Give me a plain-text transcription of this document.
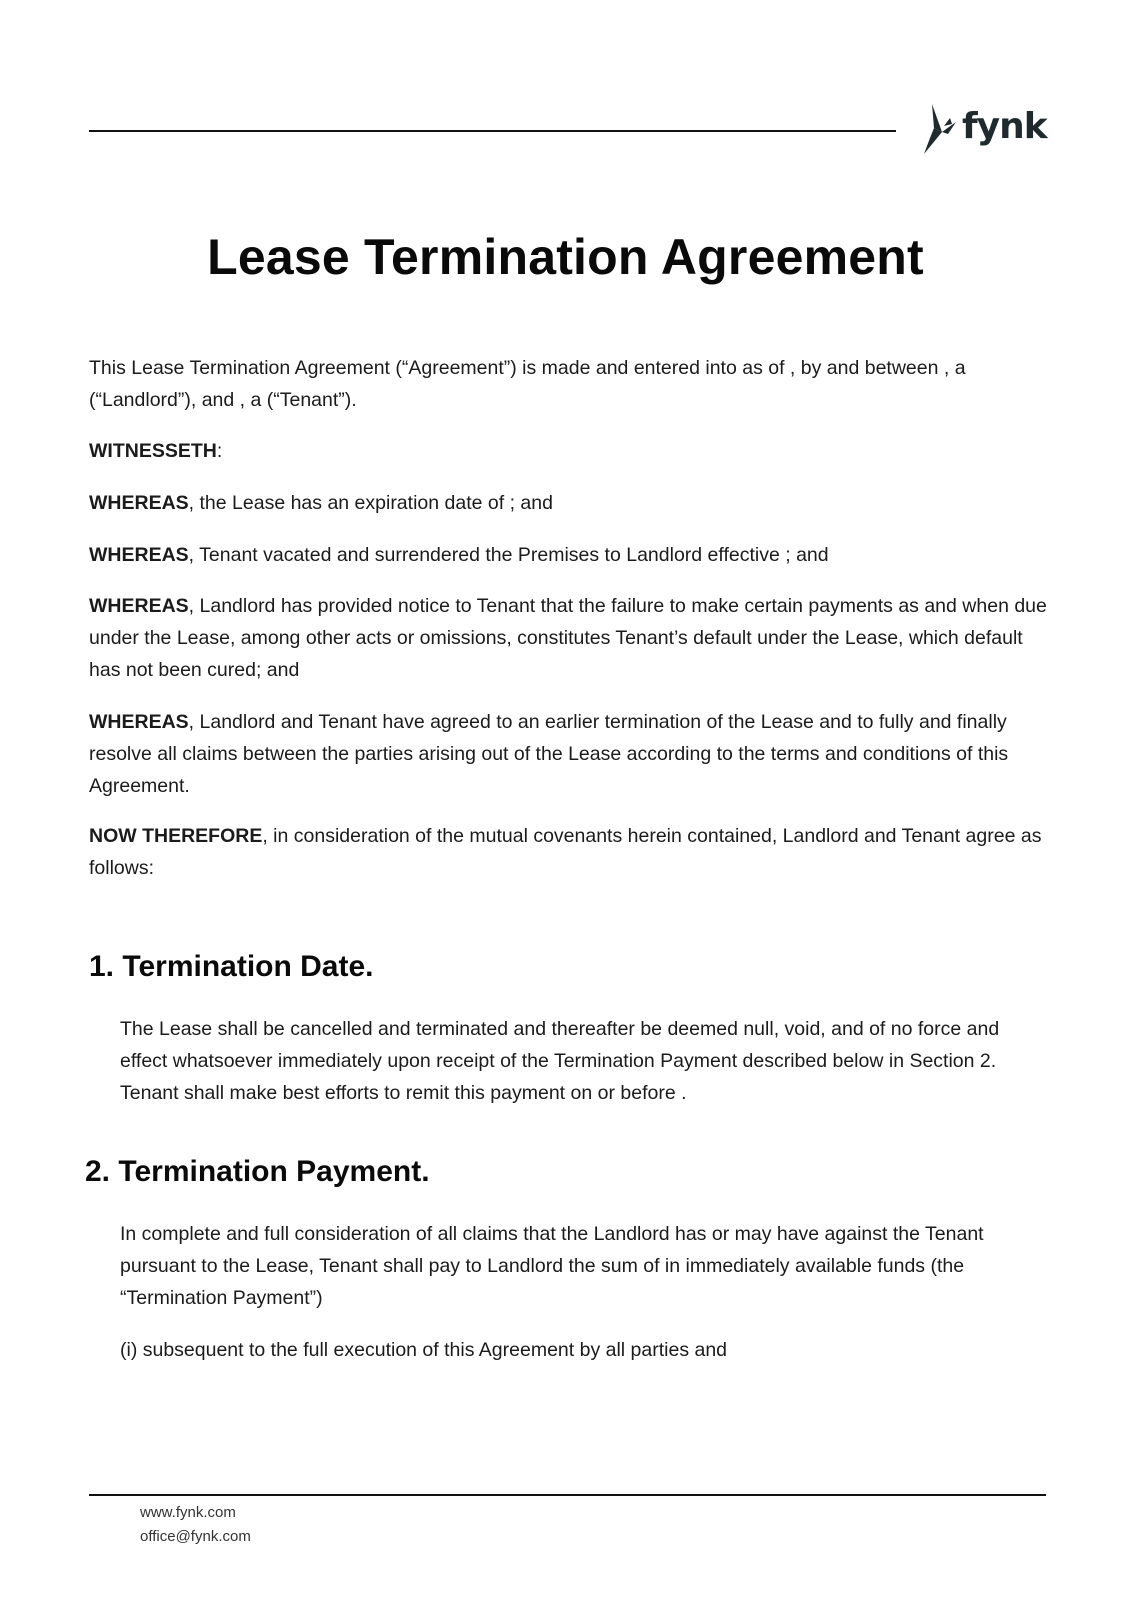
fynk
Lease Termination Agreement

This Lease Termination Agreement (“Agreement”) is made and entered into as of , by and between , a (“Landlord”), and , a (“Tenant”).

WITNESSETH:

WHEREAS, the Lease has an expiration date of ; and

WHEREAS, Tenant vacated and surrendered the Premises to Landlord effective ; and

WHEREAS, Landlord has provided notice to Tenant that the failure to make certain payments as and when due under the Lease, among other acts or omissions, constitutes Tenant’s default under the Lease, which default has not been cured; and

WHEREAS, Landlord and Tenant have agreed to an earlier termination of the Lease and to fully and finally resolve all claims between the parties arising out of the Lease according to the terms and conditions of this Agreement.

NOW THEREFORE, in consideration of the mutual covenants herein contained, Landlord and Tenant agree as follows:

1. Termination Date.

The Lease shall be cancelled and terminated and thereafter be deemed null, void, and of no force and effect whatsoever immediately upon receipt of the Termination Payment described below in Section 2. Tenant shall make best efforts to remit this payment on or before .

2. Termination Payment.

In complete and full consideration of all claims that the Landlord has or may have against the Tenant pursuant to the Lease, Tenant shall pay to Landlord the sum of in immediately available funds (the “Termination Payment”)

(i) subsequent to the full execution of this Agreement by all parties and

www.fynk.com
office@fynk.com
